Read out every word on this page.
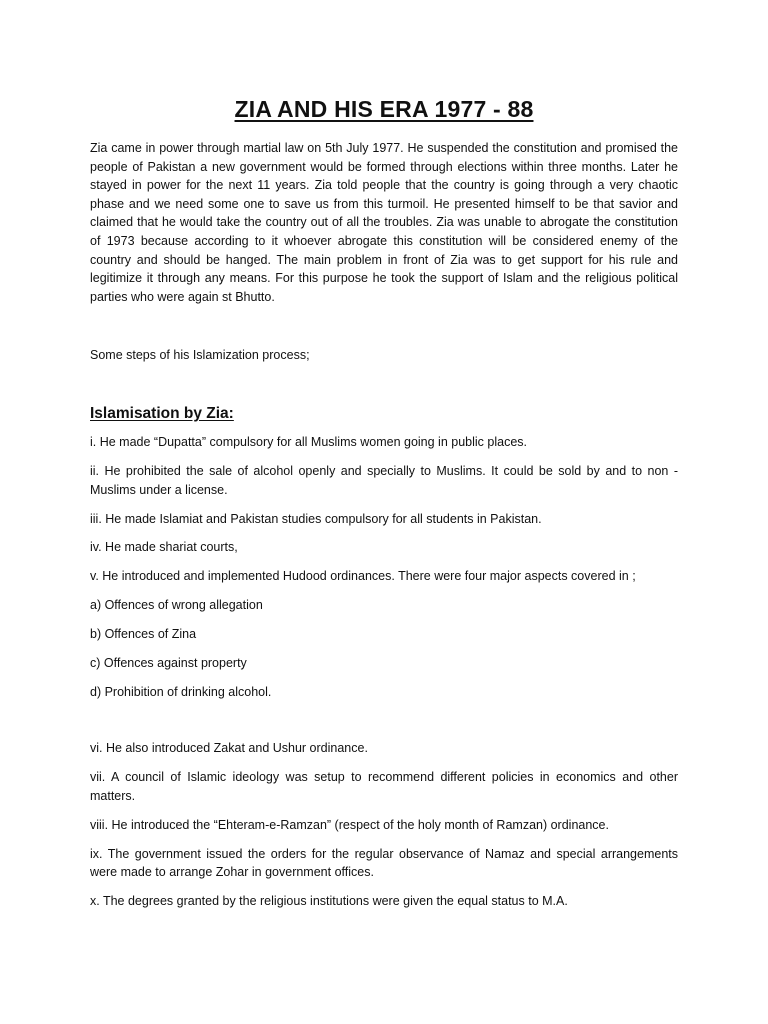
ZIA AND HIS ERA 1977 - 88

Zia came in power through martial law on 5th July 1977. He suspended the constitution and promised the people of Pakistan a new government would be formed through elections within three months. Later he stayed in power for the next 11 years. Zia told people that the country is going through a very chaotic phase and we need some one to save us from this turmoil. He presented himself to be that savior and claimed that he would take the country out of all the troubles. Zia was unable to abrogate the constitution of 1973 because according to it whoever abrogate this constitution will be considered enemy of the country and should be hanged. The main problem in front of Zia was to get support for his rule and legitimize it through any means. For this purpose he took the support of Islam and the religious political parties who were again st Bhutto.

Some steps of his Islamization process;

Islamisation by Zia:
i. He made “Dupatta” compulsory for all Muslims women going in public places.
ii. He prohibited the sale of alcohol openly and specially to Muslims. It could be sold by and to non - Muslims under a license.
iii. He made Islamiat and Pakistan studies compulsory for all students in Pakistan.
iv. He made shariat courts,
v. He introduced and implemented Hudood ordinances. There were four major aspects covered in ;
a) Offences of wrong allegation
b) Offences of Zina
c) Offences against property
d) Prohibition of drinking alcohol.
vi. He also introduced Zakat and Ushur ordinance.
vii. A council of Islamic ideology was setup to recommend different policies in economics and other matters.
viii. He introduced the “Ehteram-e-Ramzan” (respect of the holy month of Ramzan) ordinance.
ix. The government issued the orders for the regular observance of Namaz and special arrangements were made to arrange Zohar in government offices.
x. The degrees granted by the religious institutions were given the equal status to M.A.
